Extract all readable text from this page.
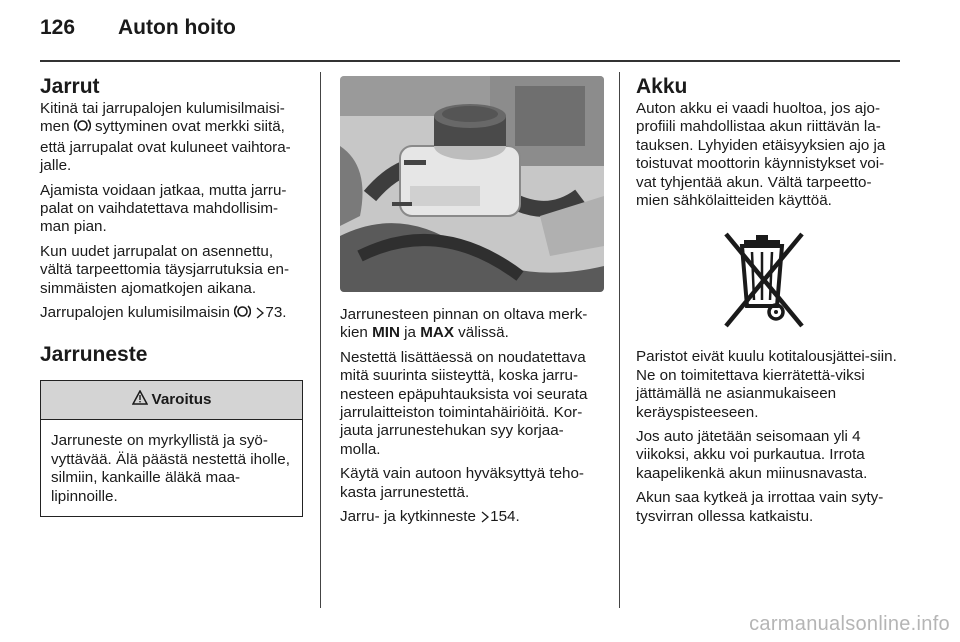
126 Auton hoito
Jarrut

Kitinä tai jarrupalojen kulumisilmaisi-men  syttyminen ovat merkki siitä, että jarrupalat ovat kuluneet vaihtora-jalle.

Ajamista voidaan jatkaa, mutta jarru-palat on vaihdatettava mahdollisim-man pian.

Kun uudet jarrupalat on asennettu, vältä tarpeettomia täysjarrutuksia en-simmäisten ajomatkojen aikana.

Jarrupalojen kulumisilmaisin  73.

Jarruneste
Varoitus
Jarruneste on myrkyllistä ja syö-vyttävää. Älä päästä nestettä iholle, silmiin, kankaille äläkä maa-lipinnoille.

Jarrunesteen pinnan on oltava merk-kien MIN ja MAX välissä.

Nestettä lisättäessä on noudatettava mitä suurinta siisteyttä, koska jarru-nesteen epäpuhtauksista voi seurata jarrulaitteiston toimintahäiriöitä. Kor-jauta jarrunestehukan syy korjaa-molla.

Käytä vain autoon hyväksyttyä teho-kasta jarrunestettä.

Jarru- ja kytkinneste 154.

Akku

Auton akku ei vaadi huoltoa, jos ajo-profiili mahdollistaa akun riittävän la-tauksen. Lyhyiden etäisyyksien ajo ja toistuvat moottorin käynnistykset voi-vat tyhjentää akun. Vältä tarpeetto-mien sähkölaitteiden käyttöä.

Paristot eivät kuulu kotitalousjättei-siin. Ne on toimitettava kierrätettä-viksi jättämällä ne asianmukaiseen keräyspisteeseen.

Jos auto jätetään seisomaan yli 4 viikoksi, akku voi purkautua. Irrota kaapelikenkä akun miinusnavasta.

Akun saa kytkeä ja irrottaa vain syty-tysvirran ollessa katkaistu.

carmanualsonline.info
